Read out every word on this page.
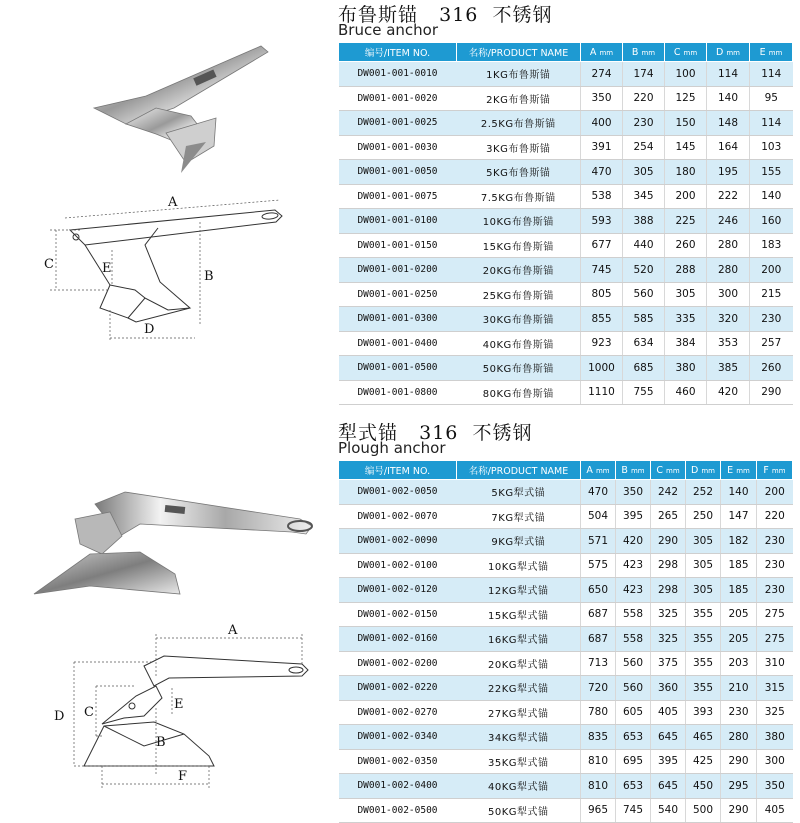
A
C
B
D
E
布鲁斯锚   316  不锈钢
Bruce anchor
编号/ITEM NO.	名称/PRODUCT NAME	A mm	B mm	C mm	D mm	E mm
DW001-001-0010	1KG布鲁斯锚	274	174	100	114	114
DW001-001-0020	2KG布鲁斯锚	350	220	125	140	95
DW001-001-0025	2.5KG布鲁斯锚	400	230	150	148	114
DW001-001-0030	3KG布鲁斯锚	391	254	145	164	103
DW001-001-0050	5KG布鲁斯锚	470	305	180	195	155
DW001-001-0075	7.5KG布鲁斯锚	538	345	200	222	140
DW001-001-0100	10KG布鲁斯锚	593	388	225	246	160
DW001-001-0150	15KG布鲁斯锚	677	440	260	280	183
DW001-001-0200	20KG布鲁斯锚	745	520	288	280	200
DW001-001-0250	25KG布鲁斯锚	805	560	305	300	215
DW001-001-0300	30KG布鲁斯锚	855	585	335	320	230
DW001-001-0400	40KG布鲁斯锚	923	634	384	353	257
DW001-001-0500	50KG布鲁斯锚	1000	685	380	385	260
DW001-001-0800	80KG布鲁斯锚	1110	755	460	420	290
A
D C
B
E
F
犁式锚   316  不锈钢
Plough anchor
编号/ITEM NO.	名称/PRODUCT NAME	A mm	B mm	C mm	D mm	E mm	F mm
DW001-002-0050	5KG犁式锚	470	350	242	252	140	200
DW001-002-0070	7KG犁式锚	504	395	265	250	147	220
DW001-002-0090	9KG犁式锚	571	420	290	305	182	230
DW001-002-0100	10KG犁式锚	575	423	298	305	185	230
DW001-002-0120	12KG犁式锚	650	423	298	305	185	230
DW001-002-0150	15KG犁式锚	687	558	325	355	205	275
DW001-002-0160	16KG犁式锚	687	558	325	355	205	275
DW001-002-0200	20KG犁式锚	713	560	375	355	203	310
DW001-002-0220	22KG犁式锚	720	560	360	355	210	315
DW001-002-0270	27KG犁式锚	780	605	405	393	230	325
DW001-002-0340	34KG犁式锚	835	653	645	465	280	380
DW001-002-0350	35KG犁式锚	810	695	395	425	290	300
DW001-002-0400	40KG犁式锚	810	653	645	450	295	350
DW001-002-0500	50KG犁式锚	965	745	540	500	290	405
